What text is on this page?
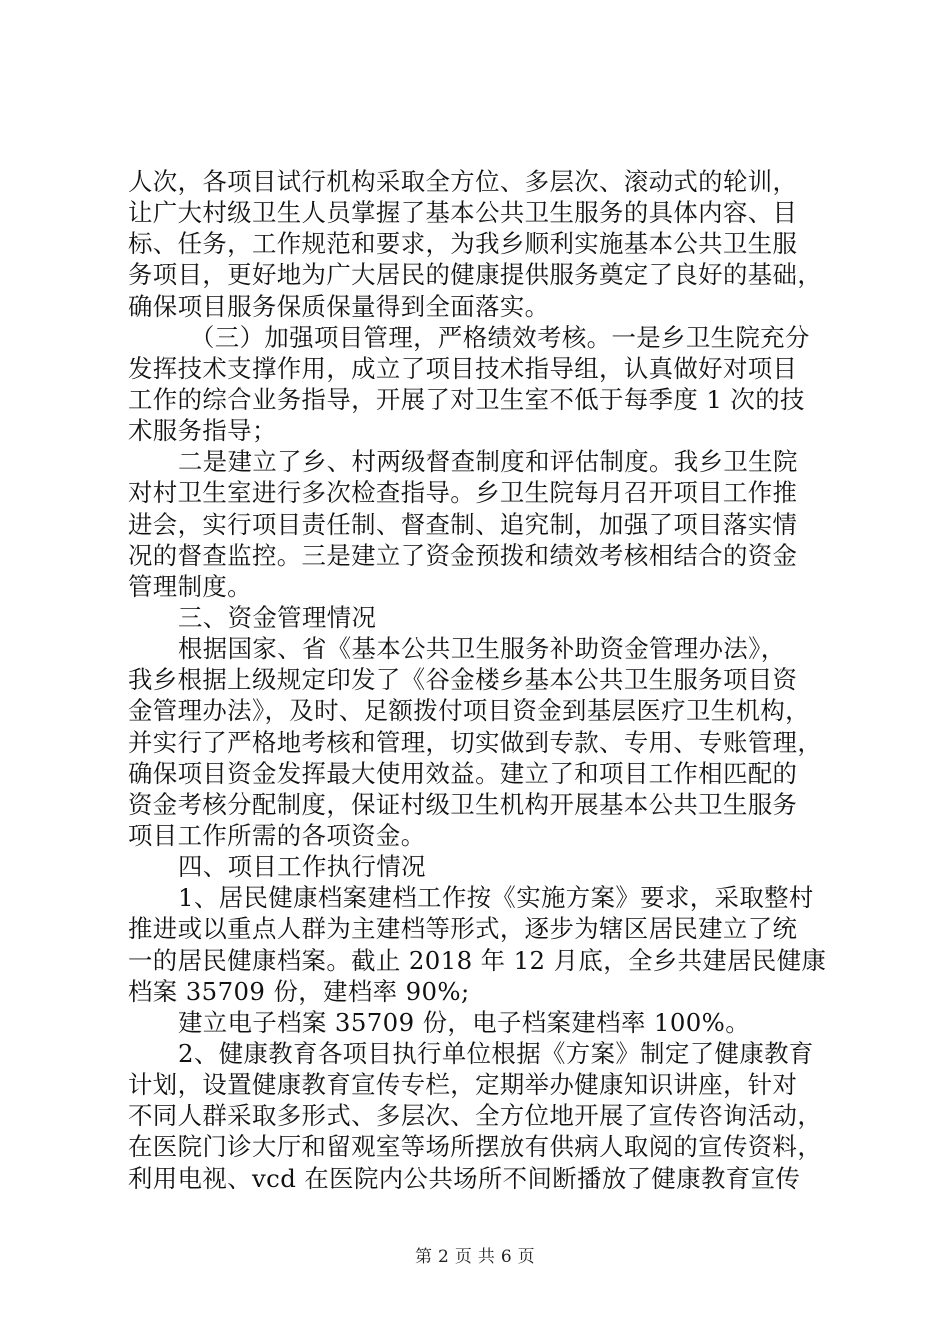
人次，各项目试行机构采取全方位、多层次、滚动式的轮训，
让广大村级卫生人员掌握了基本公共卫生服务的具体内容、目
标、任务，工作规范和要求，为我乡顺利实施基本公共卫生服
务项目，更好地为广大居民的健康提供服务奠定了良好的基础，
确保项目服务保质保量得到全面落实。
（三）加强项目管理，严格绩效考核。一是乡卫生院充分
发挥技术支撑作用，成立了项目技术指导组，认真做好对项目
工作的综合业务指导，开展了对卫生室不低于每季度 1 次的技
术服务指导；
二是建立了乡、村两级督查制度和评估制度。我乡卫生院
对村卫生室进行多次检查指导。乡卫生院每月召开项目工作推
进会，实行项目责任制、督查制、追究制，加强了项目落实情
况的督查监控。三是建立了资金预拨和绩效考核相结合的资金
管理制度。
三、资金管理情况
根据国家、省《基本公共卫生服务补助资金管理办法》，
我乡根据上级规定印发了《谷金楼乡基本公共卫生服务项目资
金管理办法》，及时、足额拨付项目资金到基层医疗卫生机构，
并实行了严格地考核和管理，切实做到专款、专用、专账管理，
确保项目资金发挥最大使用效益。建立了和项目工作相匹配的
资金考核分配制度，保证村级卫生机构开展基本公共卫生服务
项目工作所需的各项资金。
四、项目工作执行情况
1、居民健康档案建档工作按《实施方案》要求，采取整村
推进或以重点人群为主建档等形式，逐步为辖区居民建立了统
一的居民健康档案。截止 2018 年 12 月底，全乡共建居民健康
档案 35709 份，建档率 90%;
建立电子档案 35709 份，电子档案建档率 100%。
2、健康教育各项目执行单位根据《方案》制定了健康教育
计划，设置健康教育宣传专栏，定期举办健康知识讲座，针对
不同人群采取多形式、多层次、全方位地开展了宣传咨询活动，
在医院门诊大厅和留观室等场所摆放有供病人取阅的宣传资料，
利用电视、vcd 在医院内公共场所不间断播放了健康教育宣传
第 2 页 共 6 页
